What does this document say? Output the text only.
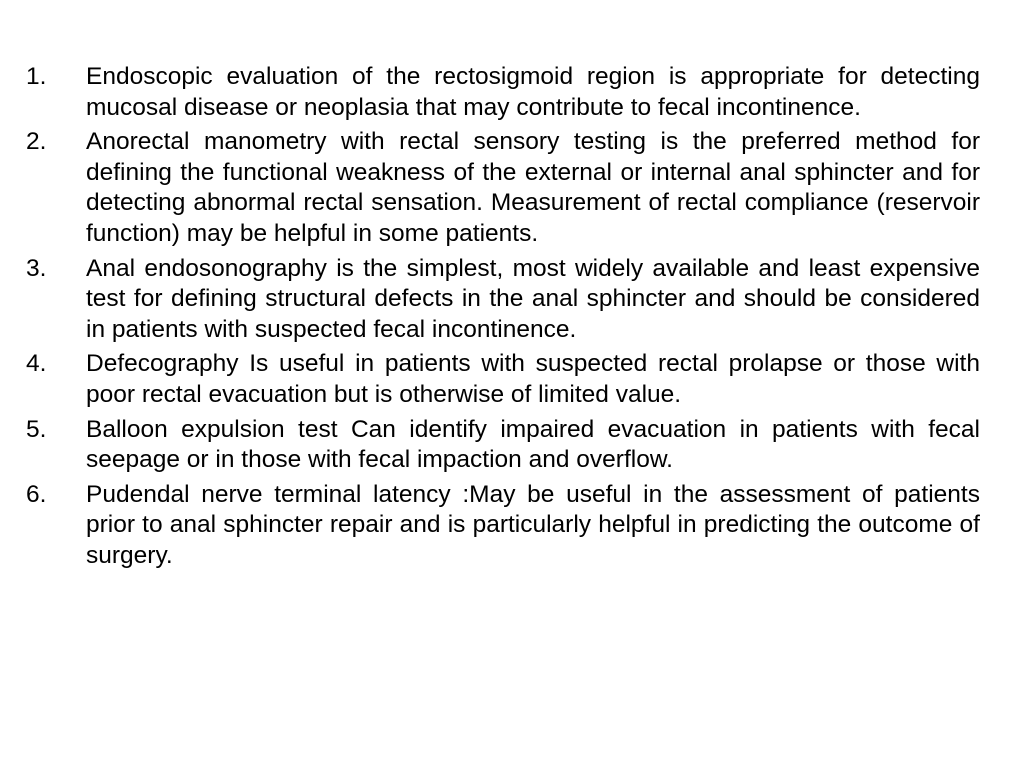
1. Endoscopic evaluation of the rectosigmoid region is appropriate for detecting mucosal disease or neoplasia that may contribute to fecal incontinence.
2. Anorectal manometry with rectal sensory testing is the preferred method for defining the functional weakness of the external or internal anal sphincter and for detecting abnormal rectal sensation. Measurement of rectal compliance (reservoir function) may be helpful in some patients.
3. Anal endosonography is the simplest, most widely available and least expensive test for defining structural defects in the anal sphincter and should be considered in patients with suspected fecal incontinence.
4. Defecography Is useful in patients with suspected rectal prolapse or those with poor rectal evacuation but is otherwise of limited value.
5. Balloon expulsion test Can identify impaired evacuation in patients with fecal seepage or in those with fecal impaction and overflow.
6. Pudendal nerve terminal latency :May be useful in the assessment of patients prior to anal sphincter repair and is particularly helpful in predicting the outcome of surgery.
